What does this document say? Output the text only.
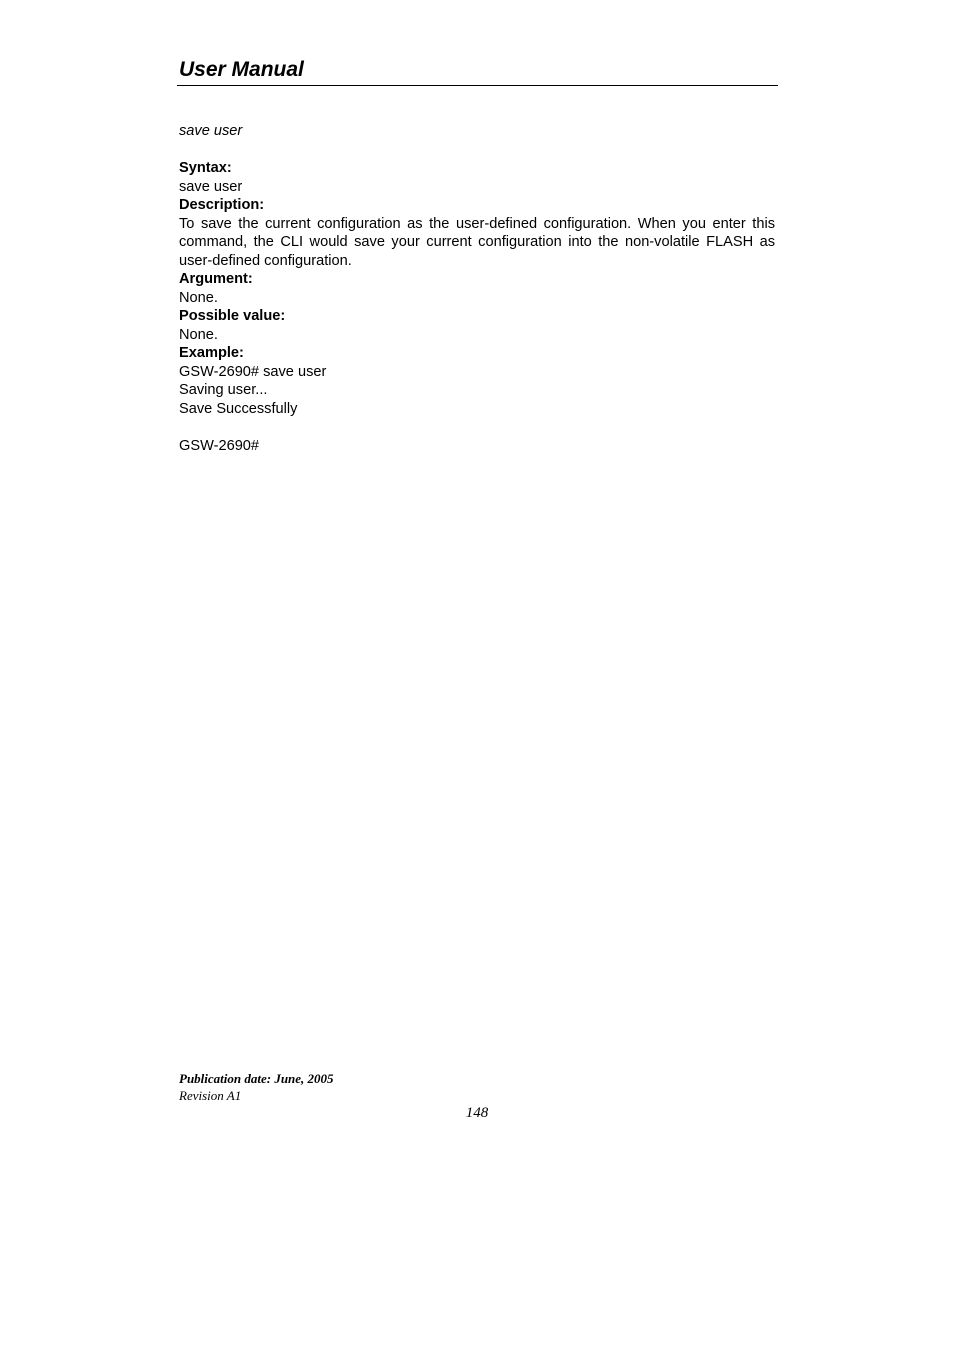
User Manual
save user
Syntax:
save user
Description:
To save the current configuration as the user-defined configuration. When you enter this command, the CLI would save your current configuration into the non-volatile FLASH as user-defined configuration.
Argument:
None.
Possible value:
None.
Example:
GSW-2690# save user
Saving user...
Save Successfully
GSW-2690#
Publication date: June, 2005
Revision A1
148
